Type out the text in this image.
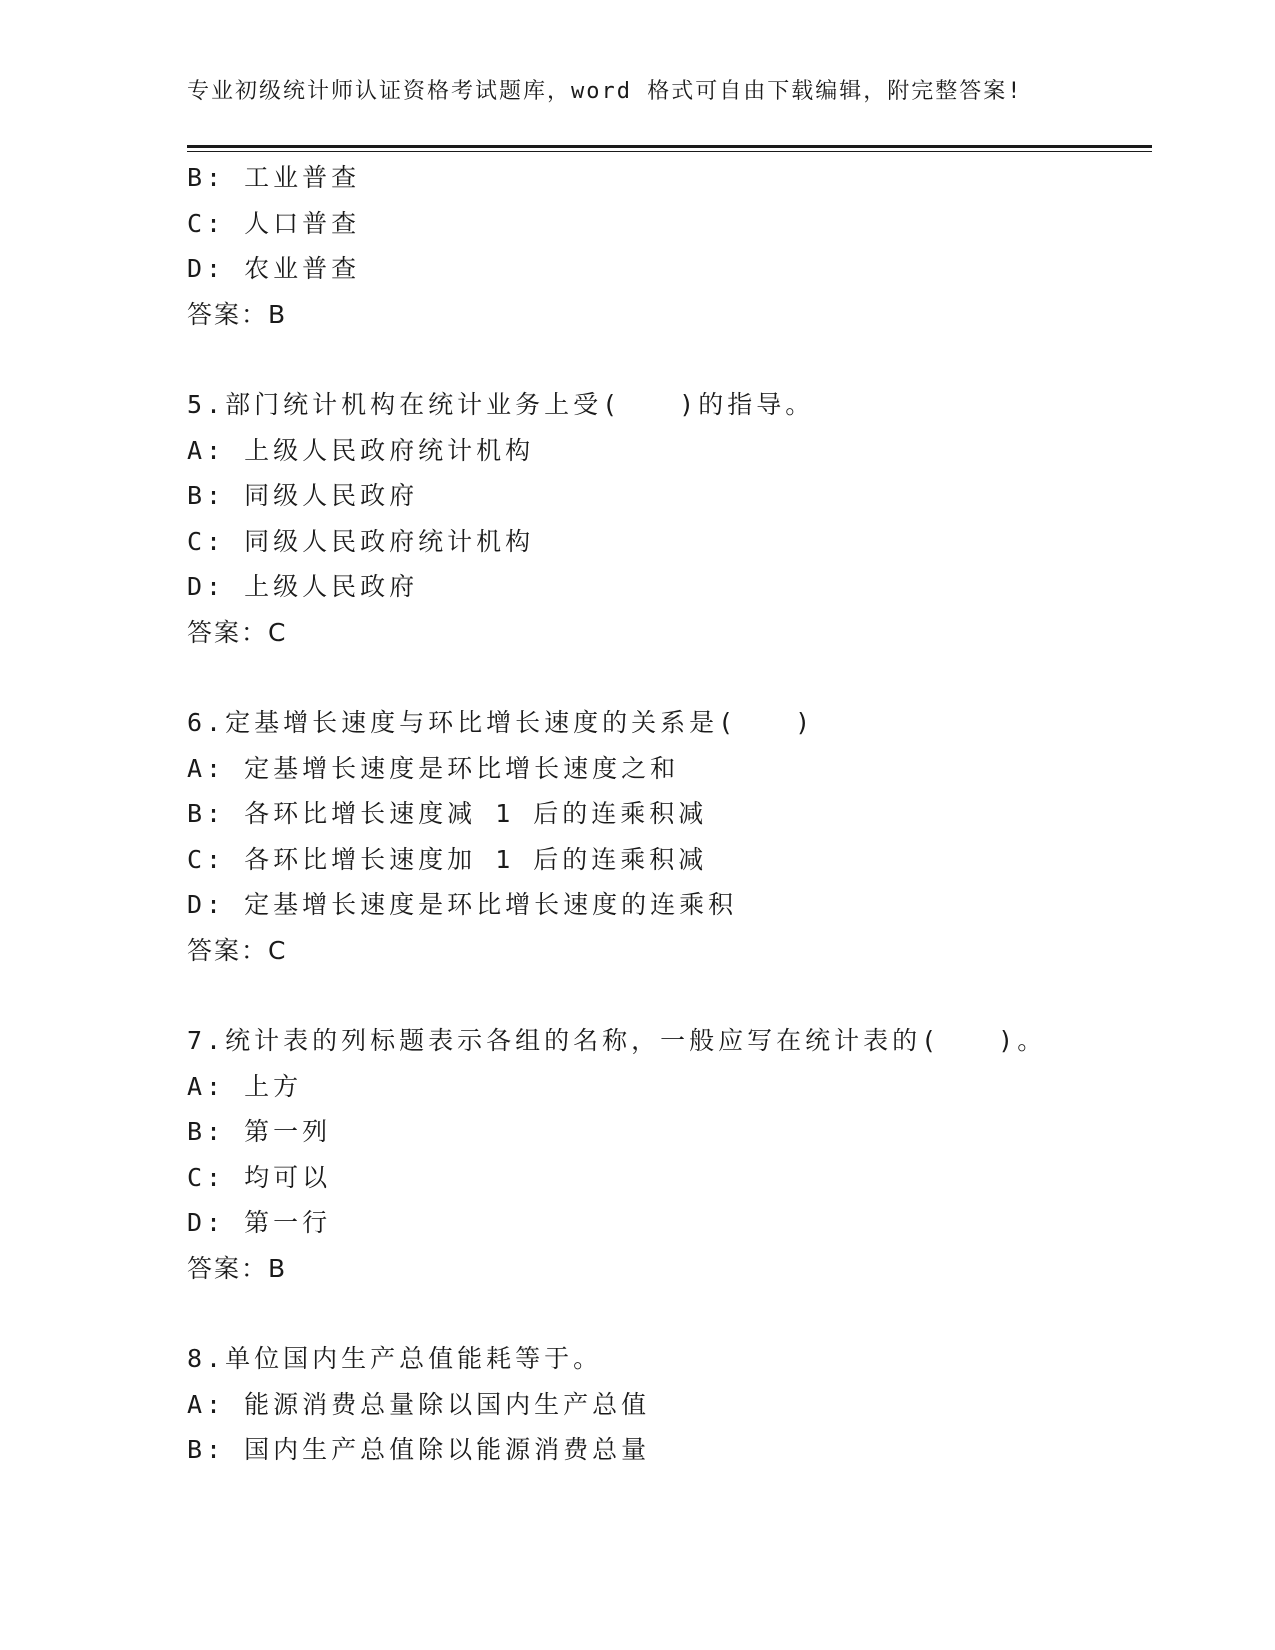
专业初级统计师认证资格考试题库，word 格式可自由下载编辑，附完整答案!
B: 工业普查
C: 人口普查
D: 农业普查
答案：B
5.部门统计机构在统计业务上受(　　)的指导。
A: 上级人民政府统计机构
B: 同级人民政府
C: 同级人民政府统计机构
D: 上级人民政府
答案：C
6.定基增长速度与环比增长速度的关系是(　　)
A: 定基增长速度是环比增长速度之和
B: 各环比增长速度减 1 后的连乘积减
C: 各环比增长速度加 1 后的连乘积减
D: 定基增长速度是环比增长速度的连乘积
答案：C
7.统计表的列标题表示各组的名称，一般应写在统计表的(　　)。
A: 上方
B: 第一列
C: 均可以
D: 第一行
答案：B
8.单位国内生产总值能耗等于。
A: 能源消费总量除以国内生产总值
B: 国内生产总值除以能源消费总量
